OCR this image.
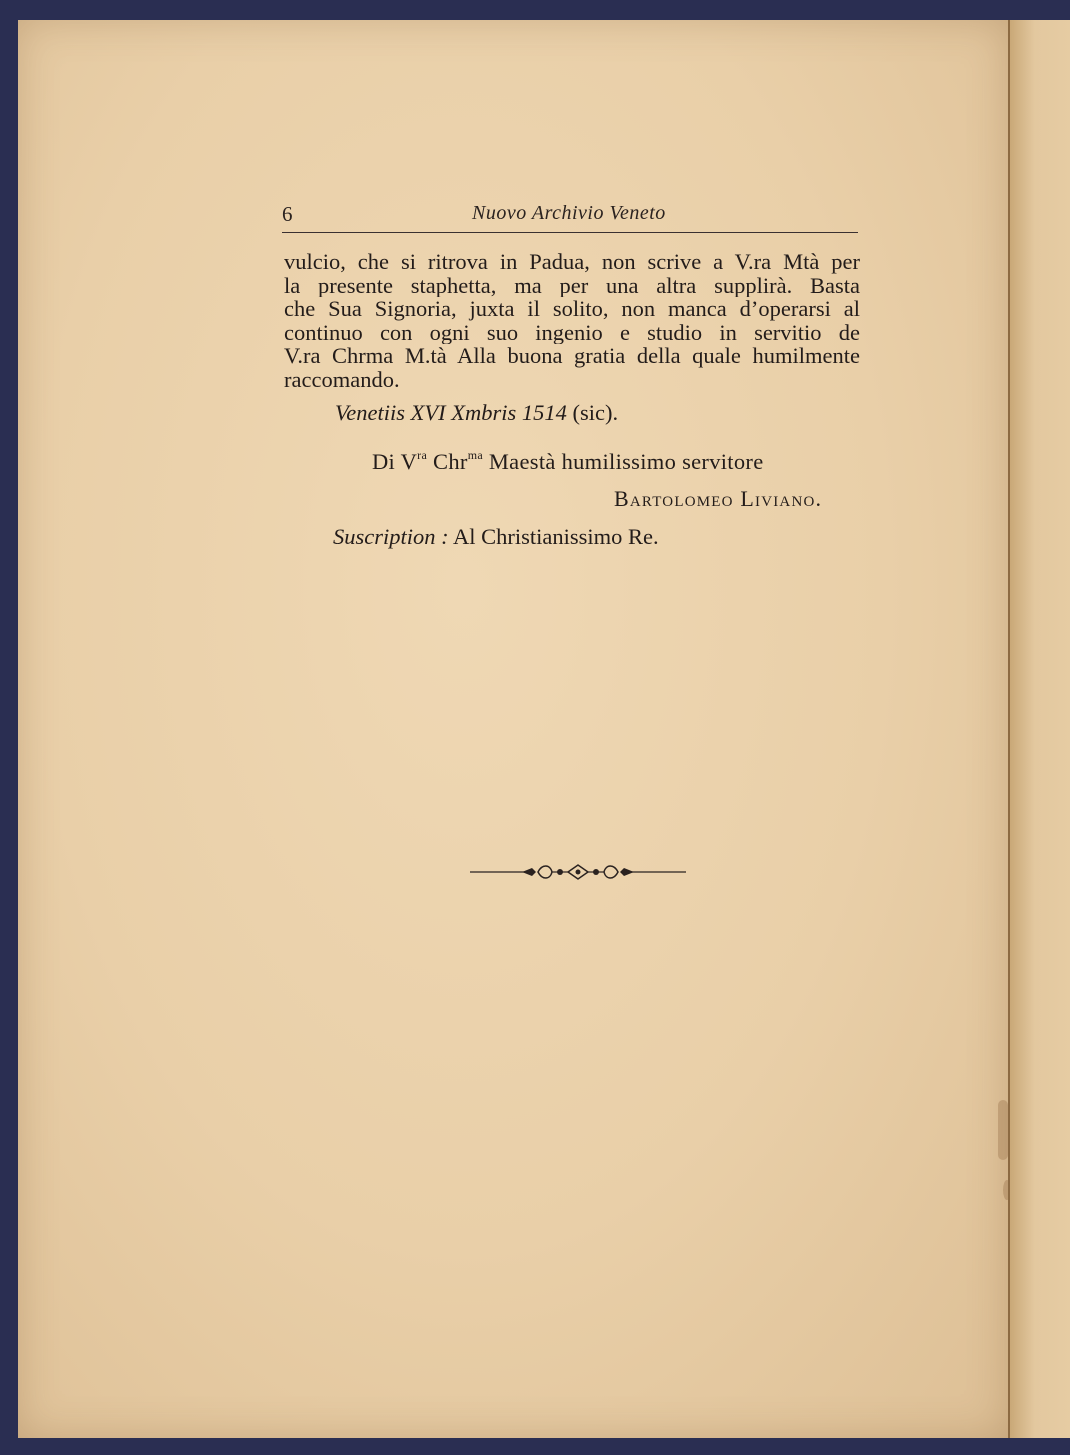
6	Nuovo Archivio Veneto
vulcio, che si ritrova in Padua, non scrive a V.ra Mtà per
la presente staphetta, ma per una altra supplirà. Basta
che Sua Signoria, juxta il solito, non manca d’operarsi al
continuo con ogni suo ingenio e studio in servitio de
V.ra Chrma M.tà Alla buona gratia della quale humilmente
raccomando.
Venetiis XVI Xmbris 1514 (sic).
Di $V^{ra}$ Chr$^{ma}$ Maestà humilissimo servitore
Bartolomeo Liviano.
Suscription : Al Christianissimo Re.
